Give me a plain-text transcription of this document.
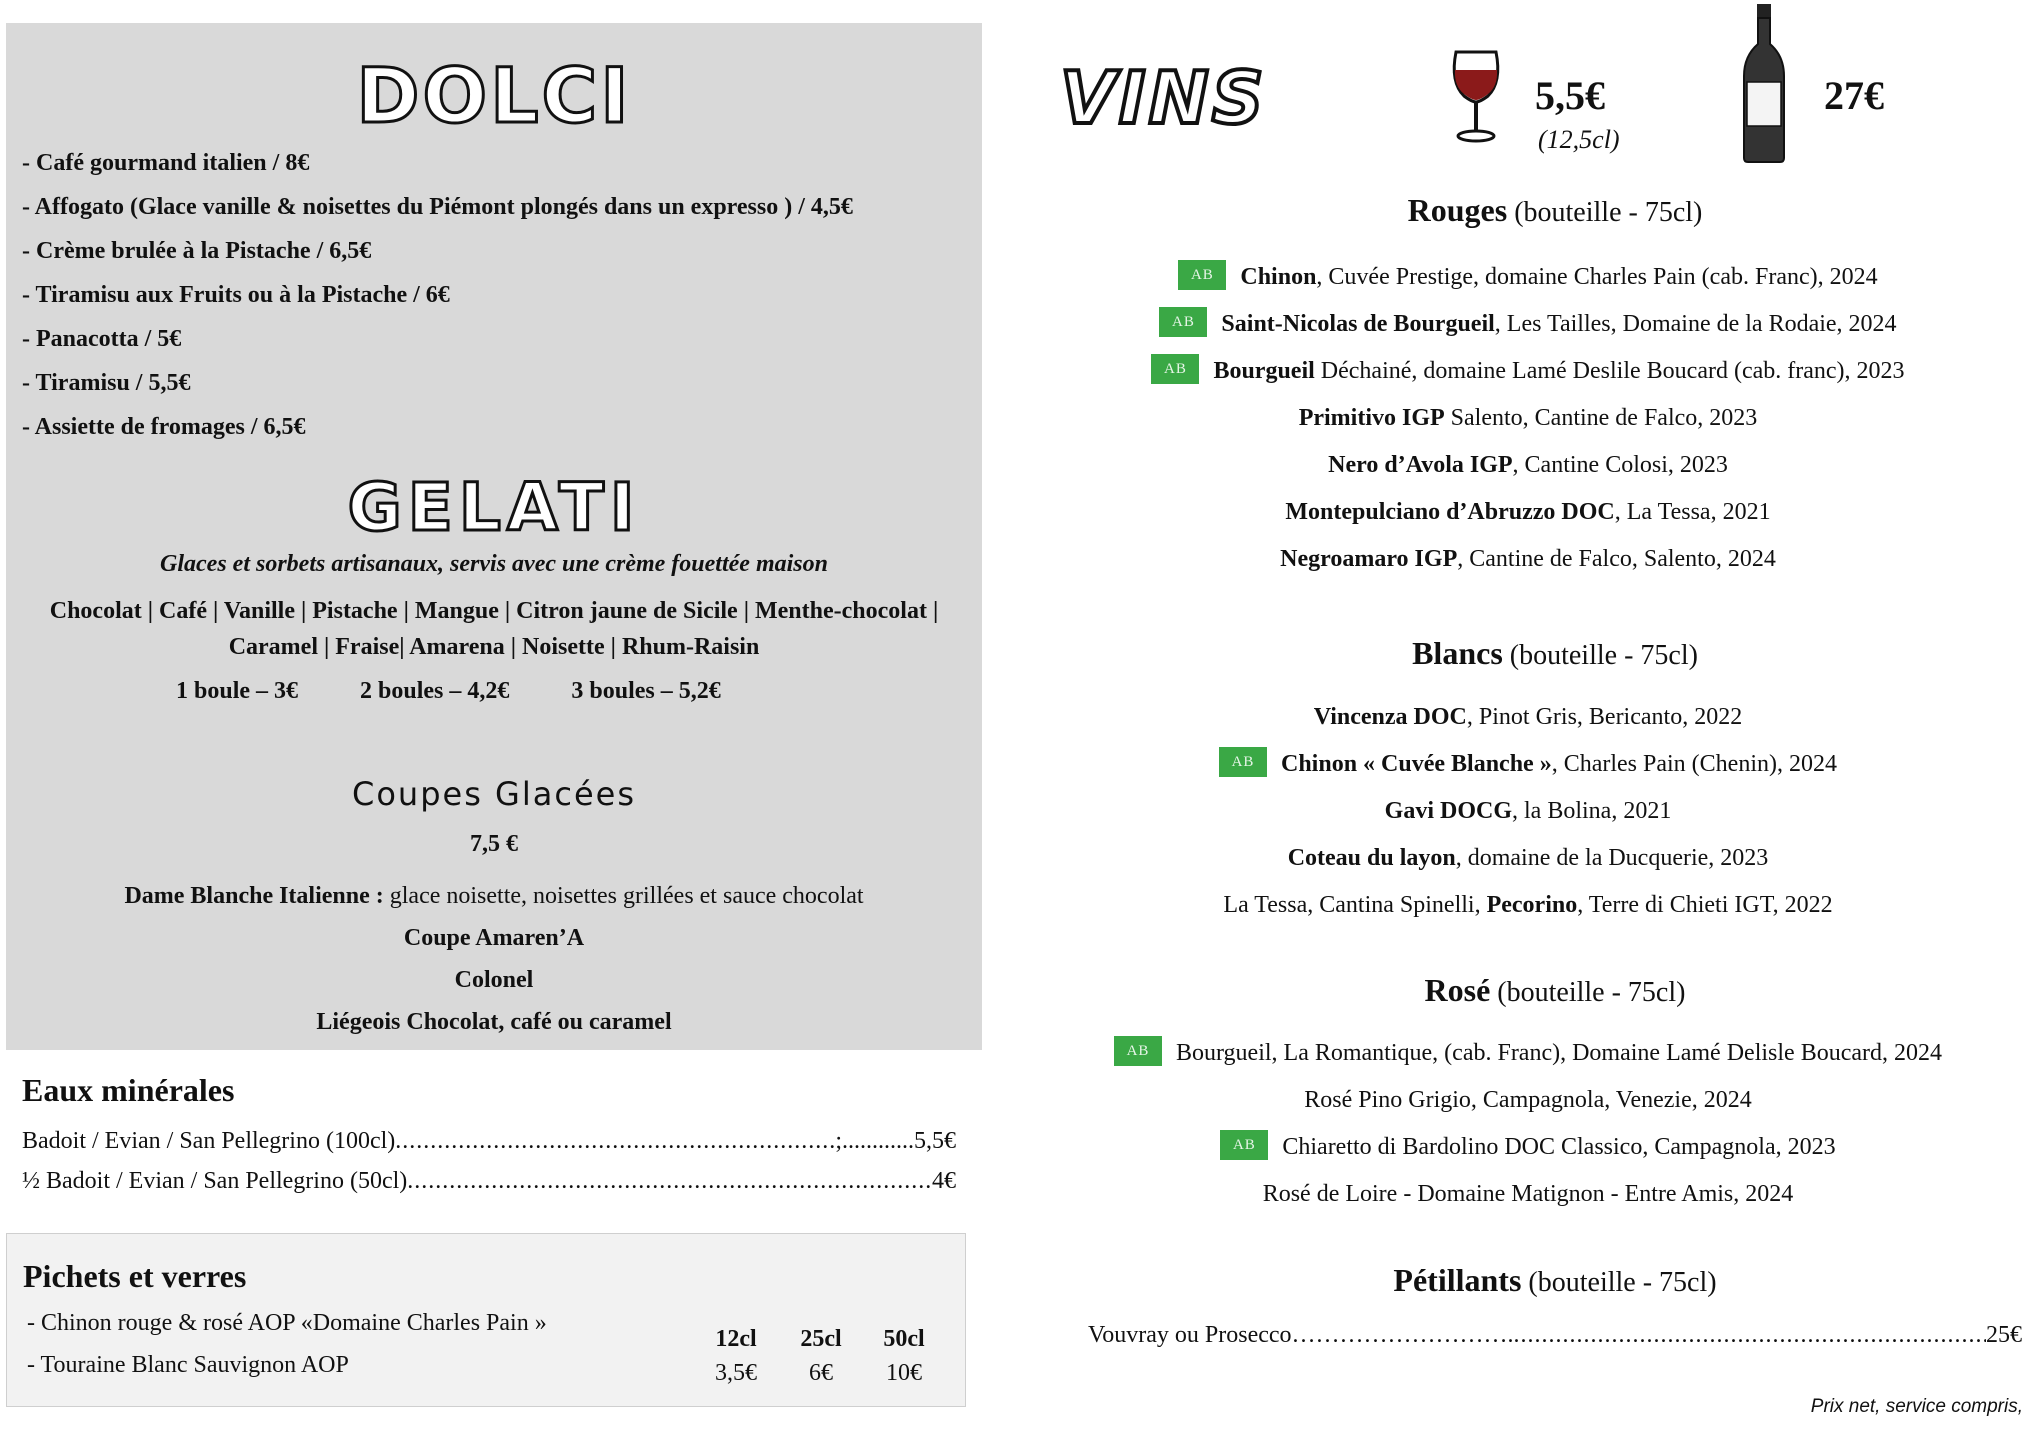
DOLCI
- Café gourmand italien / 8€
- Affogato (Glace vanille & noisettes du Piémont plongés dans un expresso ) / 4,5€
- Crème brulée à la Pistache / 6,5€
- Tiramisu aux Fruits ou à la Pistache / 6€
- Panacotta / 5€
- Tiramisu / 5,5€
- Assiette de fromages / 6,5€
GELATI
Glaces et sorbets artisanaux, servis avec une crème fouettée maison
Chocolat | Café | Vanille | Pistache | Mangue | Citron jaune de Sicile | Menthe-chocolat | Caramel | Fraise| Amarena | Noisette | Rhum-Raisin
1 boule – 3€	2 boules – 4,2€	3 boules – 5,2€
Coupes Glacées
7,5 €
Dame Blanche Italienne : glace noisette, noisettes grillées et sauce chocolat
Coupe Amaren’A
Colonel
Liégeois Chocolat, café ou caramel
Eaux minérales
Badoit / Evian / San Pellegrino (100cl) .....	;............5,5€
½ Badoit / Evian / San Pellegrino (50cl) .....	4€
Pichets et verres
- Chinon rouge & rosé AOP «Domaine Charles Pain »
- Touraine Blanc Sauvignon AOP
12cl	25cl	50cl
3,5€	6€	10€
VINS	5,5€
(12,5cl)
27€
Rouges (bouteille - 75cl)
AB Chinon, Cuvée Prestige, domaine Charles Pain (cab. Franc), 2024
AB Saint-Nicolas de Bourgueil, Les Tailles, Domaine de la Rodaie, 2024
AB Bourgueil Déchainé, domaine Lamé Deslile Boucard (cab. franc), 2023
Primitivo IGP Salento, Cantine de Falco, 2023
Nero d’Avola IGP, Cantine Colosi, 2023
Montepulciano d’Abruzzo DOC, La Tessa, 2021
Negroamaro IGP, Cantine de Falco, Salento, 2024
Blancs (bouteille - 75cl)
Vincenza DOC, Pinot Gris, Bericanto, 2022
AB Chinon « Cuvée Blanche », Charles Pain (Chenin), 2024
Gavi DOCG, la Bolina, 2021
Coteau du layon, domaine de la Ducquerie, 2023
La Tessa, Cantina Spinelli, Pecorino, Terre di Chieti IGT, 2022
Rosé (bouteille - 75cl)
AB Bourgueil, La Romantique, (cab. Franc), Domaine Lamé Delisle Boucard, 2024
Rosé Pino Grigio, Campagnola, Venezie, 2024
AB Chiaretto di Bardolino DOC Classico, Campagnola, 2023
Rosé de Loire - Domaine Matignon - Entre Amis, 2024
Pétillants (bouteille - 75cl)
Vouvray ou Prosecco………………………. .....	25€
Prix net, service compris,
